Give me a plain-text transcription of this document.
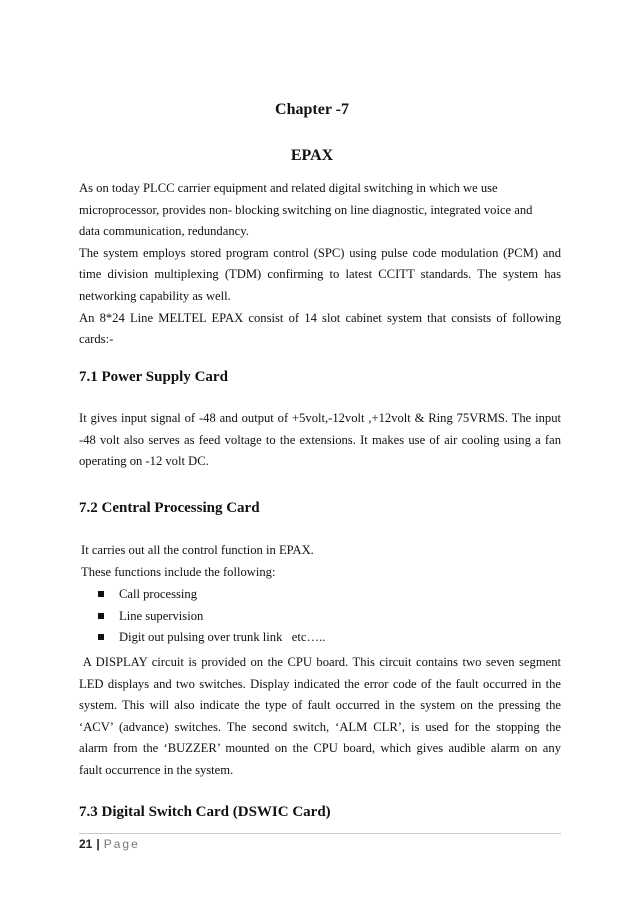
Chapter -7
EPAX
As on today PLCC carrier equipment and related digital switching in which we use
microprocessor, provides non- blocking switching on line diagnostic, integrated voice and
data communication, redundancy.
The system employs stored program control (SPC) using pulse code modulation (PCM) and
time division multiplexing (TDM) confirming to latest CCITT standards. The system has
networking capability as well.
An 8*24 Line MELTEL EPAX consist of 14 slot cabinet system that consists of following
cards:-
7.1 Power Supply Card
It gives input signal of -48 and output of +5volt,-12volt ,+12volt & Ring 75VRMS. The input
-48 volt also serves as feed voltage to the extensions. It makes use of air cooling using a fan
operating on -12 volt DC.
7.2 Central Processing Card
It carries out all the control function in EPAX.
These functions include the following:
Call processing
Line supervision
Digit out pulsing over trunk link   etc…..
A DISPLAY circuit is provided on the CPU board. This circuit contains two seven segment
LED displays and two switches. Display indicated the error code of the fault occurred in the
system. This will also indicate the type of fault occurred in the system on the pressing the
‘ACV’ (advance) switches. The second switch, ‘ALM CLR’, is used for the stopping the
alarm from the ‘BUZZER’ mounted on the CPU board, which gives audible alarm on any
fault occurrence in the system.
7.3 Digital Switch Card (DSWIC Card)
21 | Page
